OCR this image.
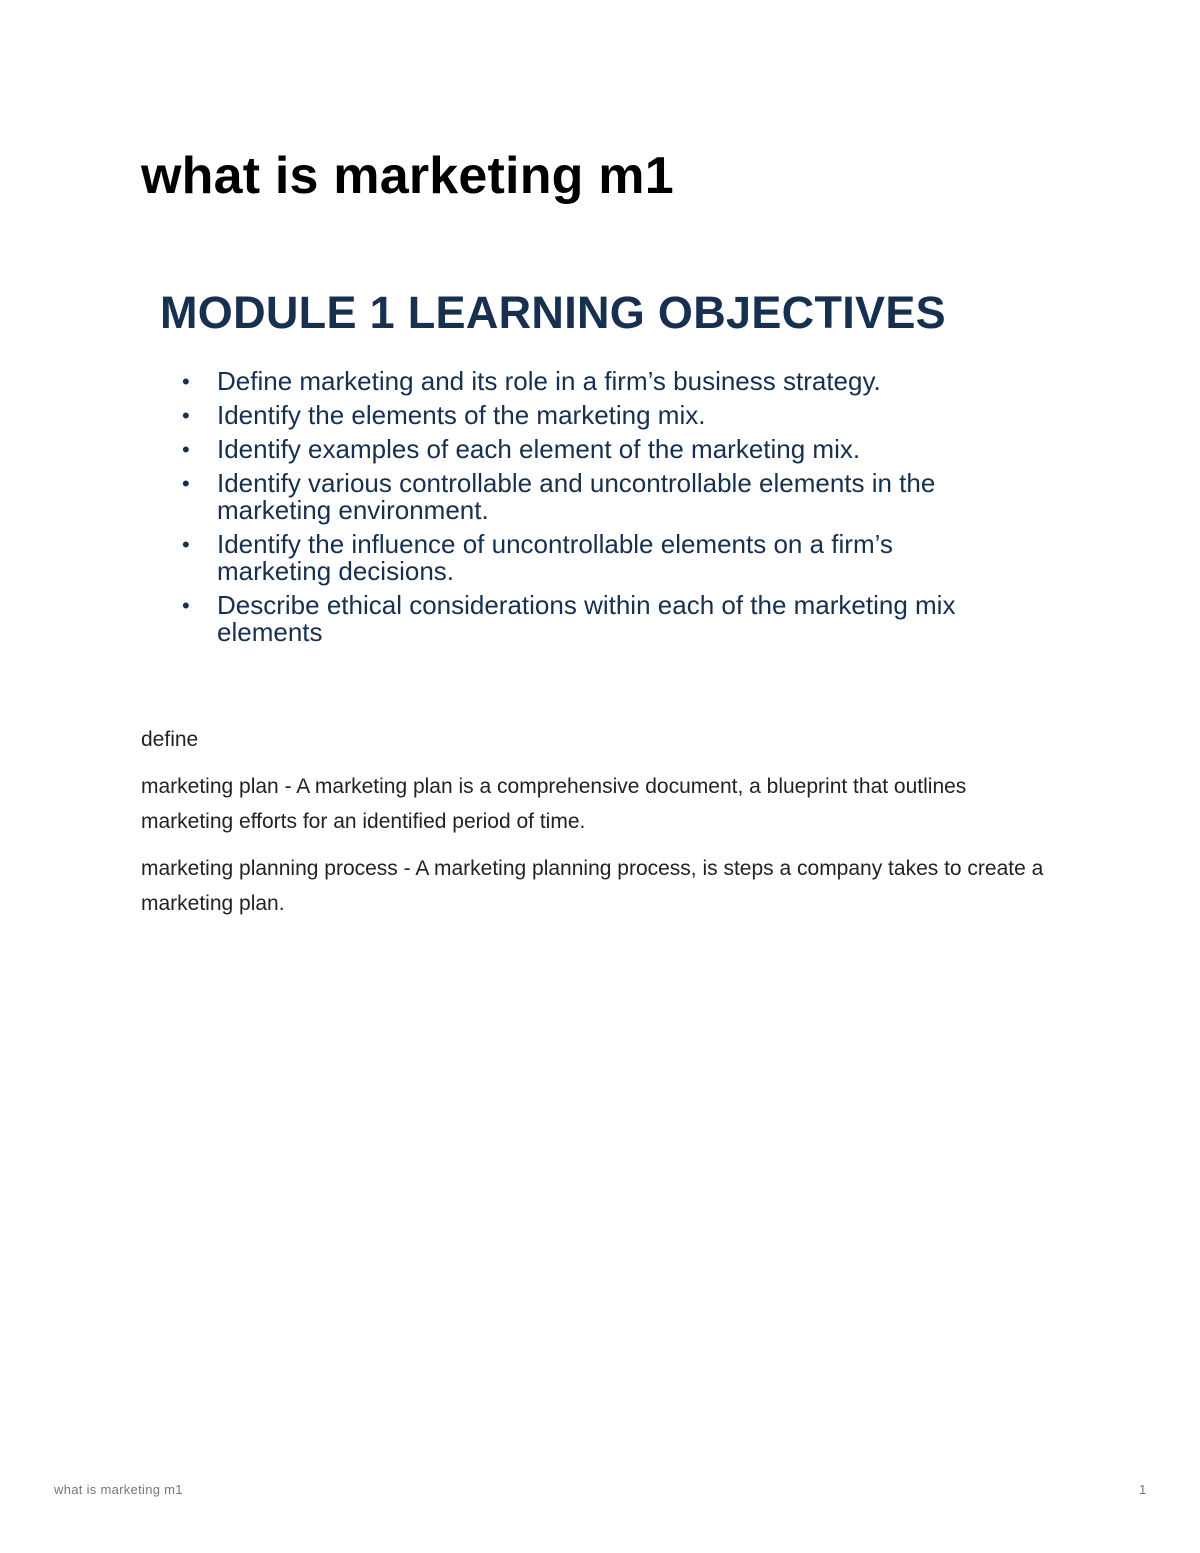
what is marketing m1
MODULE 1 LEARNING OBJECTIVES
• Define marketing and its role in a firm’s business strategy.
• Identify the elements of the marketing mix.
• Identify examples of each element of the marketing mix.
• Identify various controllable and uncontrollable elements in the marketing environment.
• Identify the influence of uncontrollable elements on a firm’s marketing decisions.
• Describe ethical considerations within each of the marketing mix elements

define

marketing plan - A marketing plan is a comprehensive document, a blueprint that outlines marketing efforts for an identified period of time.

marketing planning process - A marketing planning process, is steps a company takes to create a marketing plan.

what is marketing m1	1
